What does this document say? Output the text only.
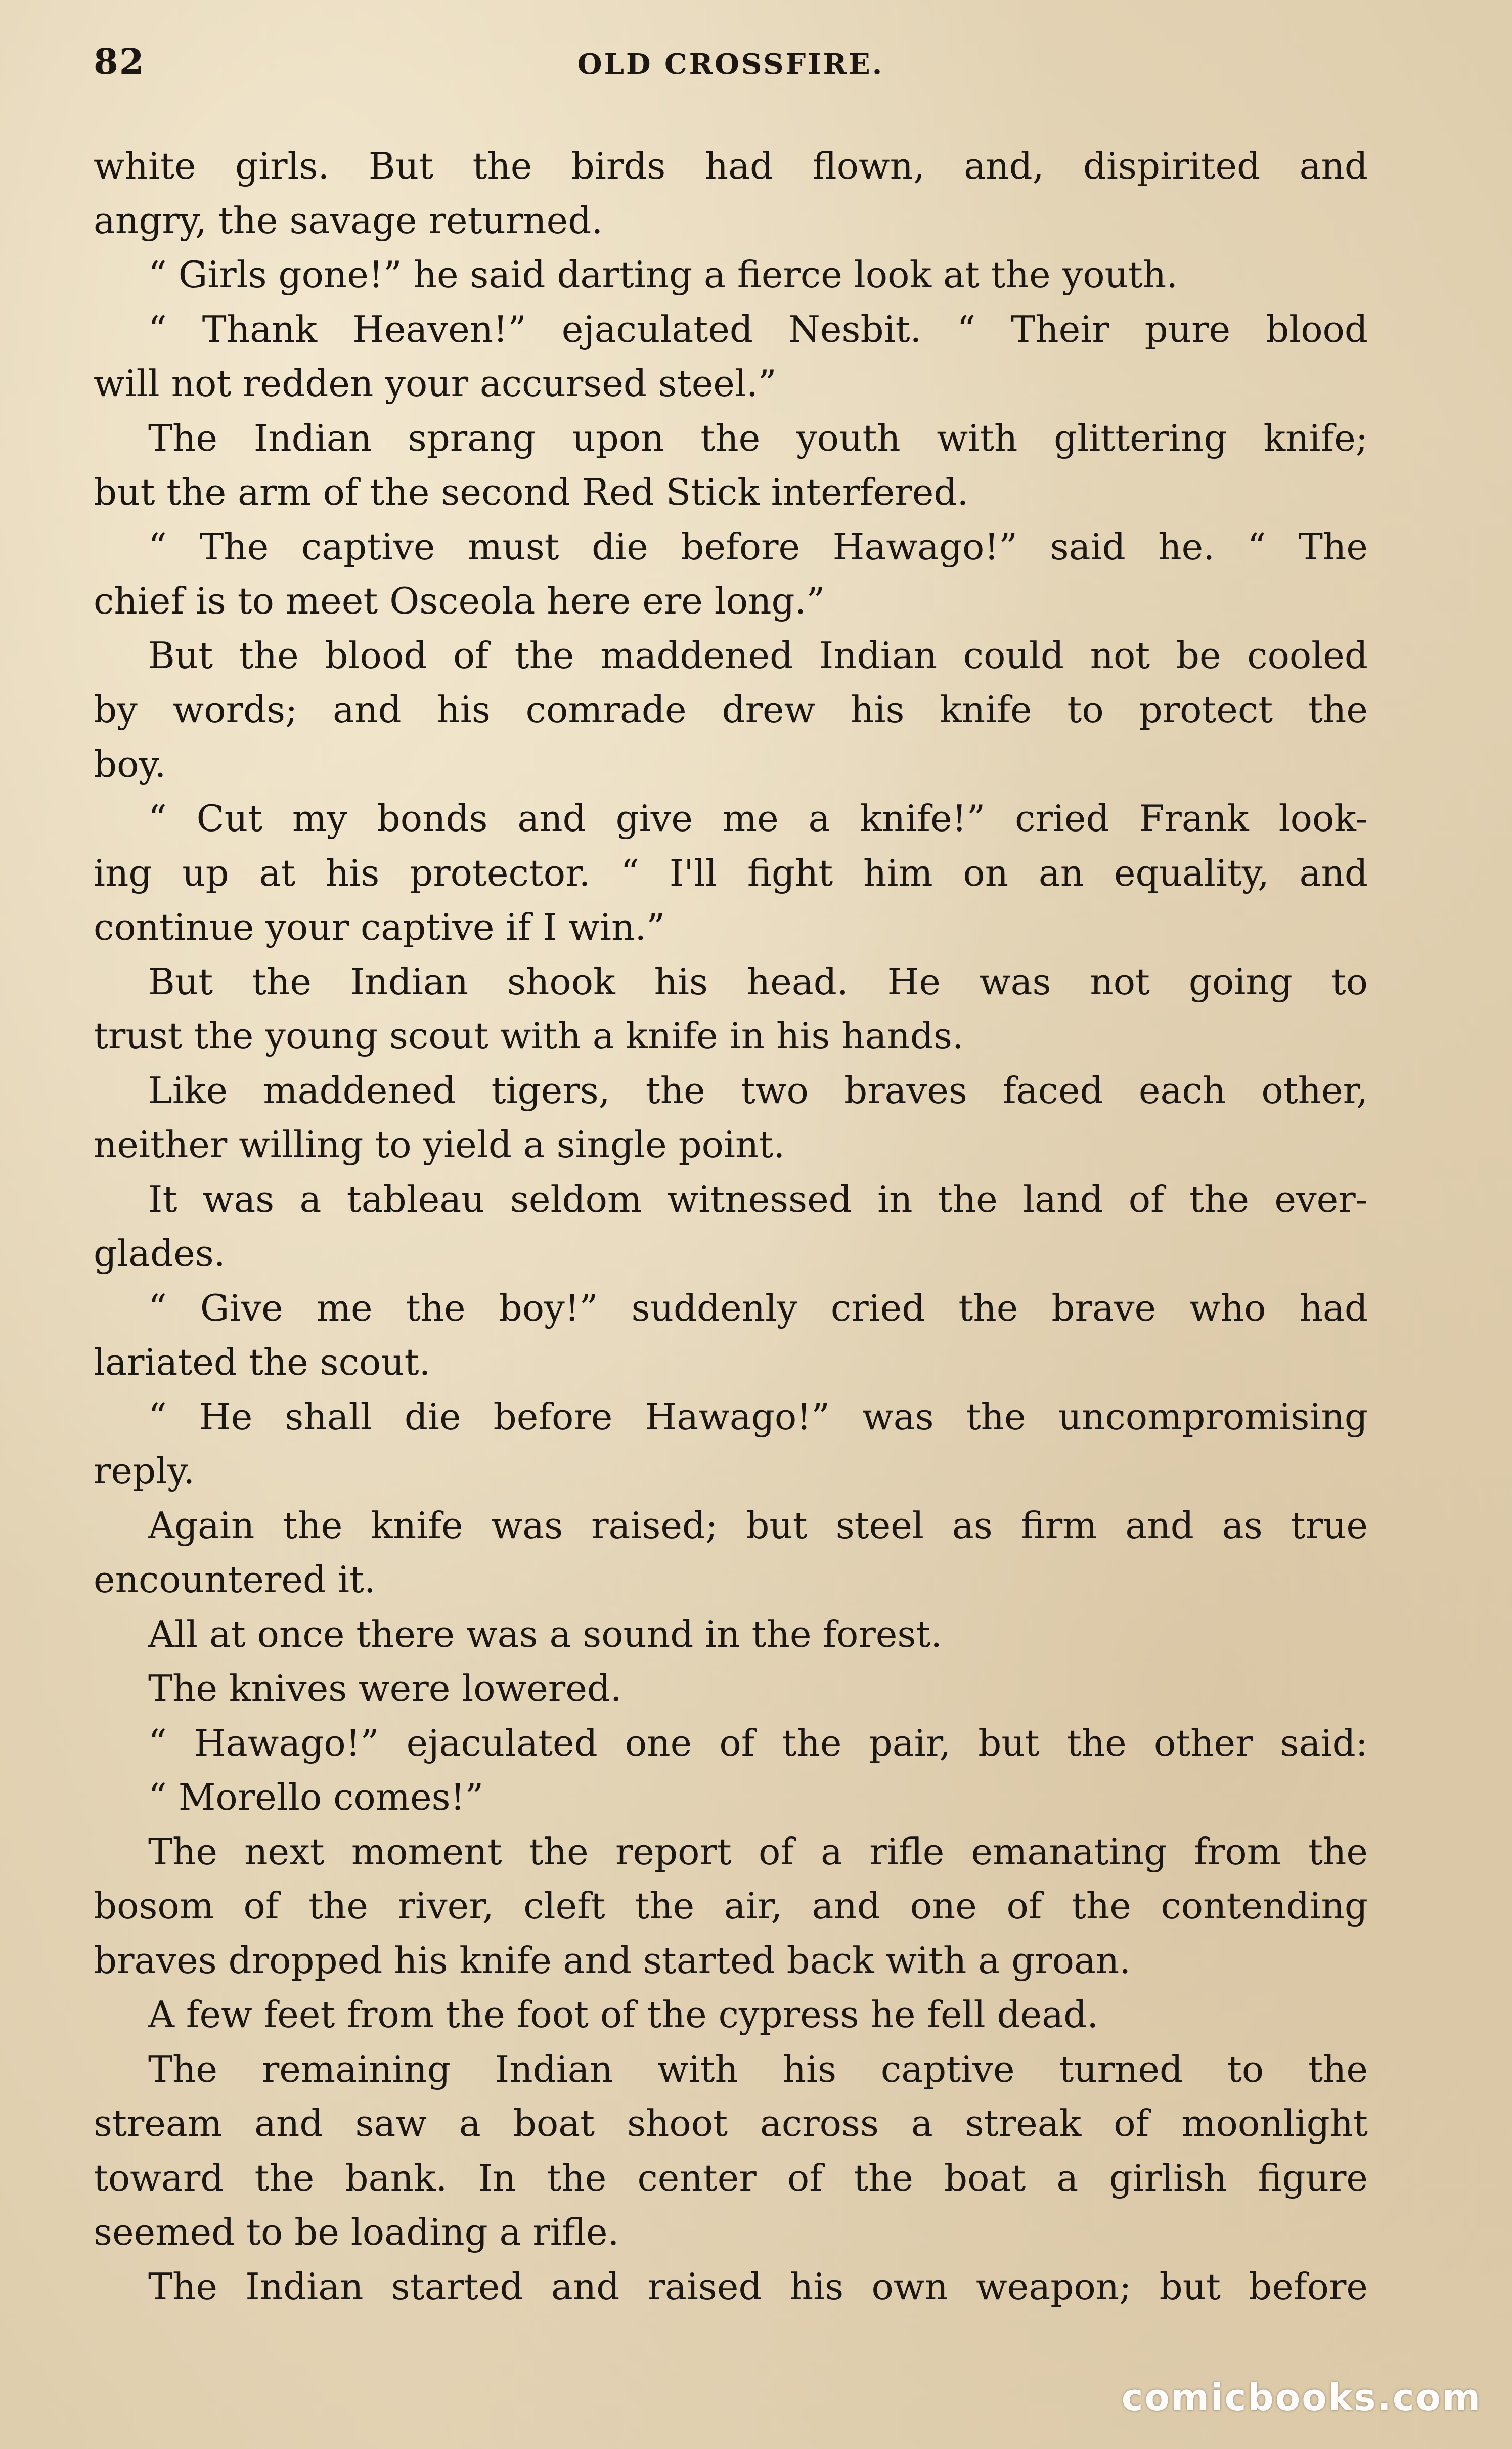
82	OLD CROSSFIRE.
white girls. But the birds had flown, and, dispirited and
angry, the savage returned.
“ Girls gone!” he said darting a fierce look at the youth.
“ Thank Heaven!” ejaculated Nesbit. “ Their pure blood
will not redden your accursed steel.”
The Indian sprang upon the youth with glittering knife;
but the arm of the second Red Stick interfered.
“ The captive must die before Hawago!” said he. “ The
chief is to meet Osceola here ere long.”
But the blood of the maddened Indian could not be cooled
by words; and his comrade drew his knife to protect the
boy.
“ Cut my bonds and give me a knife!” cried Frank look-
ing up at his protector. “ I'll fight him on an equality, and
continue your captive if I win.”
But the Indian shook his head. He was not going to
trust the young scout with a knife in his hands.
Like maddened tigers, the two braves faced each other,
neither willing to yield a single point.
It was a tableau seldom witnessed in the land of the ever-
glades.
“ Give me the boy!” suddenly cried the brave who had
lariated the scout.
“ He shall die before Hawago!” was the uncompromising
reply.
Again the knife was raised; but steel as firm and as true
encountered it.
All at once there was a sound in the forest.
The knives were lowered.
“ Hawago!” ejaculated one of the pair, but the other said:
“ Morello comes!”
The next moment the report of a rifle emanating from the
bosom of the river, cleft the air, and one of the contending
braves dropped his knife and started back with a groan.
A few feet from the foot of the cypress he fell dead.
The remaining Indian with his captive turned to the
stream and saw a boat shoot across a streak of moonlight
toward the bank. In the center of the boat a girlish figure
seemed to be loading a rifle.
The Indian started and raised his own weapon; but before
comicbooks.com
